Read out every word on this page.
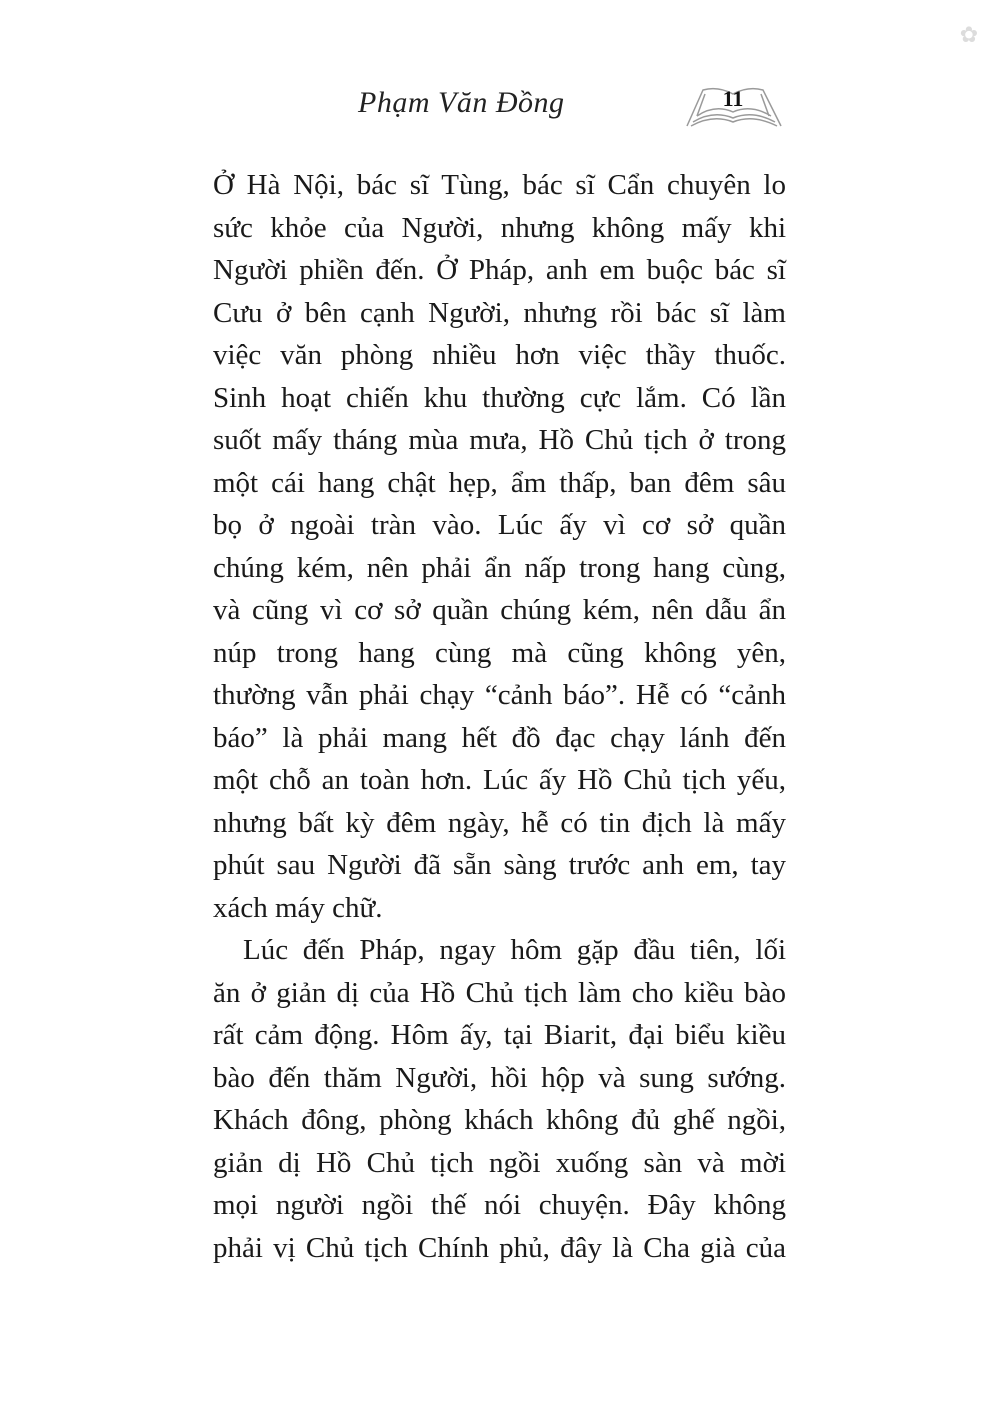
✿
Phạm Văn Đồng	11
Ở Hà Nội, bác sĩ Tùng, bác sĩ Cẩn chuyên lo
sức khỏe của Người, nhưng không mấy khi
Người phiền đến. Ở Pháp, anh em buộc bác sĩ
Cưu ở bên cạnh Người, nhưng rồi bác sĩ làm
việc văn phòng nhiều hơn việc thầy thuốc.
Sinh hoạt chiến khu thường cực lắm. Có lần
suốt mấy tháng mùa mưa, Hồ Chủ tịch ở trong
một cái hang chật hẹp, ẩm thấp, ban đêm sâu
bọ ở ngoài tràn vào. Lúc ấy vì cơ sở quần
chúng kém, nên phải ẩn nấp trong hang cùng,
và cũng vì cơ sở quần chúng kém, nên dẫu ẩn
núp trong hang cùng mà cũng không yên,
thường vẫn phải chạy “cảnh báo”. Hễ có “cảnh
báo” là phải mang hết đồ đạc chạy lánh đến
một chỗ an toàn hơn. Lúc ấy Hồ Chủ tịch yếu,
nhưng bất kỳ đêm ngày, hễ có tin địch là mấy
phút sau Người đã sẵn sàng trước anh em, tay
xách máy chữ.
Lúc đến Pháp, ngay hôm gặp đầu tiên, lối
ăn ở giản dị của Hồ Chủ tịch làm cho kiều bào
rất cảm động. Hôm ấy, tại Biarit, đại biểu kiều
bào đến thăm Người, hồi hộp và sung sướng.
Khách đông, phòng khách không đủ ghế ngồi,
giản dị Hồ Chủ tịch ngồi xuống sàn và mời
mọi người ngồi thế nói chuyện. Đây không
phải vị Chủ tịch Chính phủ, đây là Cha già của
